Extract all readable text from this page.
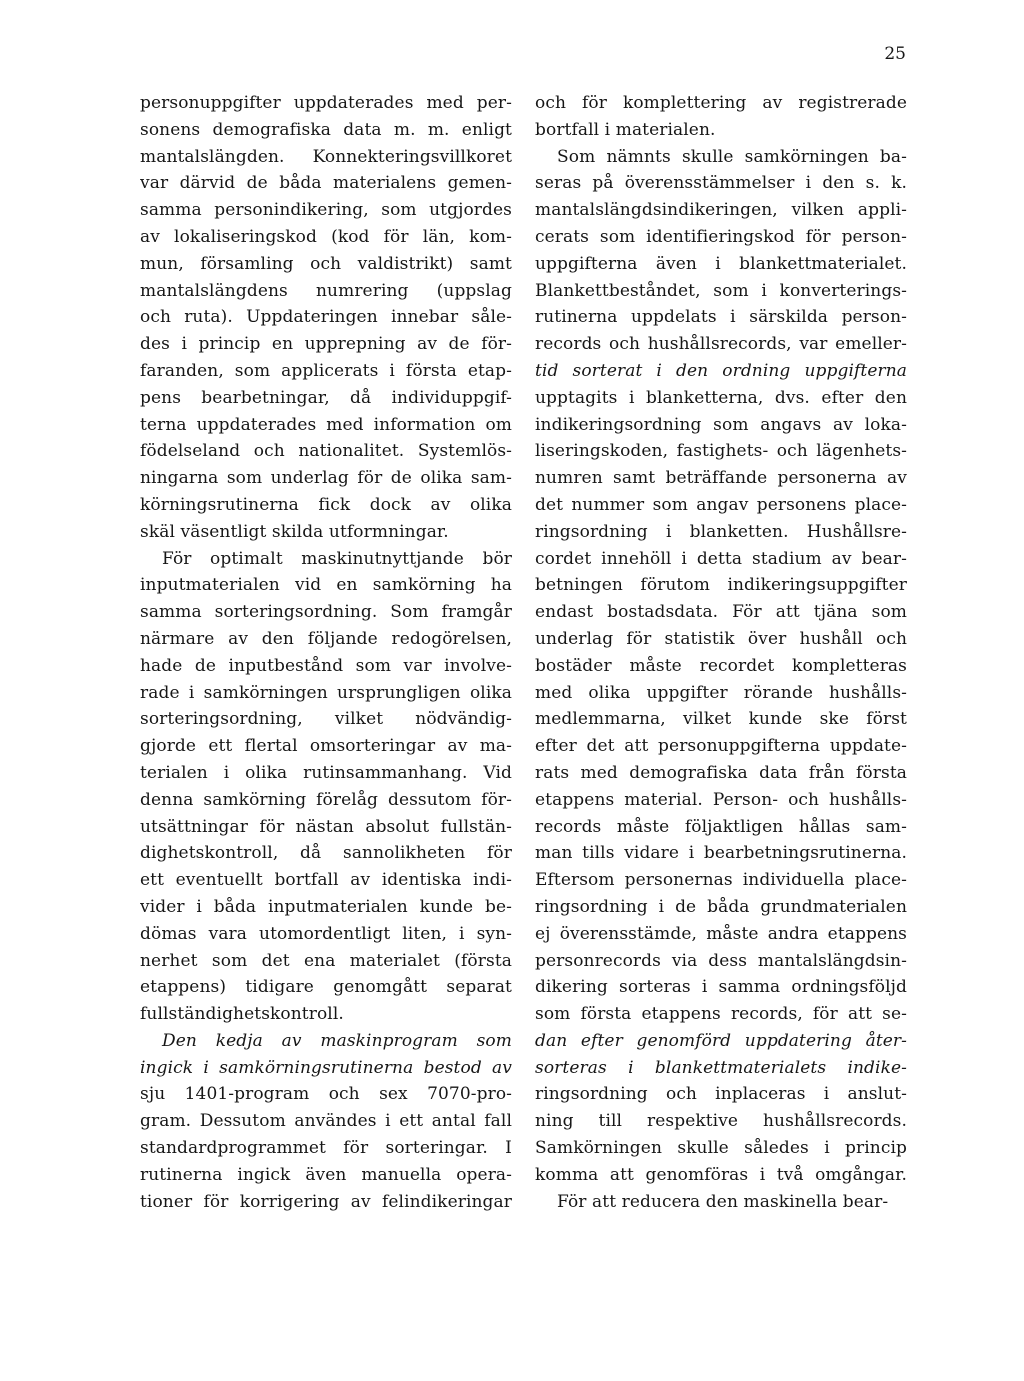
25
personuppgifter uppdaterades med per-
sonens demografiska data m. m. enligt
mantalslängden. Konnekteringsvillkoret
var därvid de båda materialens gemen-
samma personindikering, som utgjordes
av lokaliseringskod (kod för län, kom-
mun, församling och valdistrikt) samt
mantalslängdens numrering (uppslag
och ruta). Uppdateringen innebar såle-
des i princip en upprepning av de för-
faranden, som applicerats i första etap-
pens bearbetningar, då individuppgif-
terna uppdaterades med information om
födelseland och nationalitet. Systemlös-
ningarna som underlag för de olika sam-
körningsrutinerna fick dock av olika
skäl väsentligt skilda utformningar.
För optimalt maskinutnyttjande bör
inputmaterialen vid en samkörning ha
samma sorteringsordning. Som framgår
närmare av den följande redogörelsen,
hade de inputbestånd som var involve-
rade i samkörningen ursprungligen olika
sorteringsordning, vilket nödvändig-
gjorde ett flertal omsorteringar av ma-
terialen i olika rutinsammanhang. Vid
denna samkörning förelåg dessutom för-
utsättningar för nästan absolut fullstän-
dighetskontroll, då sannolikheten för
ett eventuellt bortfall av identiska indi-
vider i båda inputmaterialen kunde be-
dömas vara utomordentligt liten, i syn-
nerhet som det ena materialet (första
etappens) tidigare genomgått separat
fullständighetskontroll.
Den kedja av maskinprogram som
ingick i samkörningsrutinerna bestod av
sju 1401-program och sex 7070-pro-
gram. Dessutom användes i ett antal fall
standardprogrammet för sorteringar. I
rutinerna ingick även manuella opera-
tioner för korrigering av felindikeringar
och för komplettering av registrerade
bortfall i materialen.
Som nämnts skulle samkörningen ba-
seras på överensstämmelser i den s. k.
mantalslängdsindikeringen, vilken appli-
cerats som identifieringskod för person-
uppgifterna även i blankettmaterialet.
Blankettbeståndet, som i konverterings-
rutinerna uppdelats i särskilda person-
records och hushållsrecords, var emeller-
tid sorterat i den ordning uppgifterna
upptagits i blanketterna, dvs. efter den
indikeringsordning som angavs av loka-
liseringskoden, fastighets- och lägenhets-
numren samt beträffande personerna av
det nummer som angav personens place-
ringsordning i blanketten. Hushållsre-
cordet innehöll i detta stadium av bear-
betningen förutom indikeringsuppgifter
endast bostadsdata. För att tjäna som
underlag för statistik över hushåll och
bostäder måste recordet kompletteras
med olika uppgifter rörande hushålls-
medlemmarna, vilket kunde ske först
efter det att personuppgifterna uppdate-
rats med demografiska data från första
etappens material. Person- och hushålls-
records måste följaktligen hållas sam-
man tills vidare i bearbetningsrutinerna.
Eftersom personernas individuella place-
ringsordning i de båda grundmaterialen
ej överensstämde, måste andra etappens
personrecords via dess mantalslängdsin-
dikering sorteras i samma ordningsföljd
som första etappens records, för att se-
dan efter genomförd uppdatering åter-
sorteras i blankettmaterialets indike-
ringsordning och inplaceras i anslut-
ning till respektive hushållsrecords.
Samkörningen skulle således i princip
komma att genomföras i två omgångar.
För att reducera den maskinella bear-
